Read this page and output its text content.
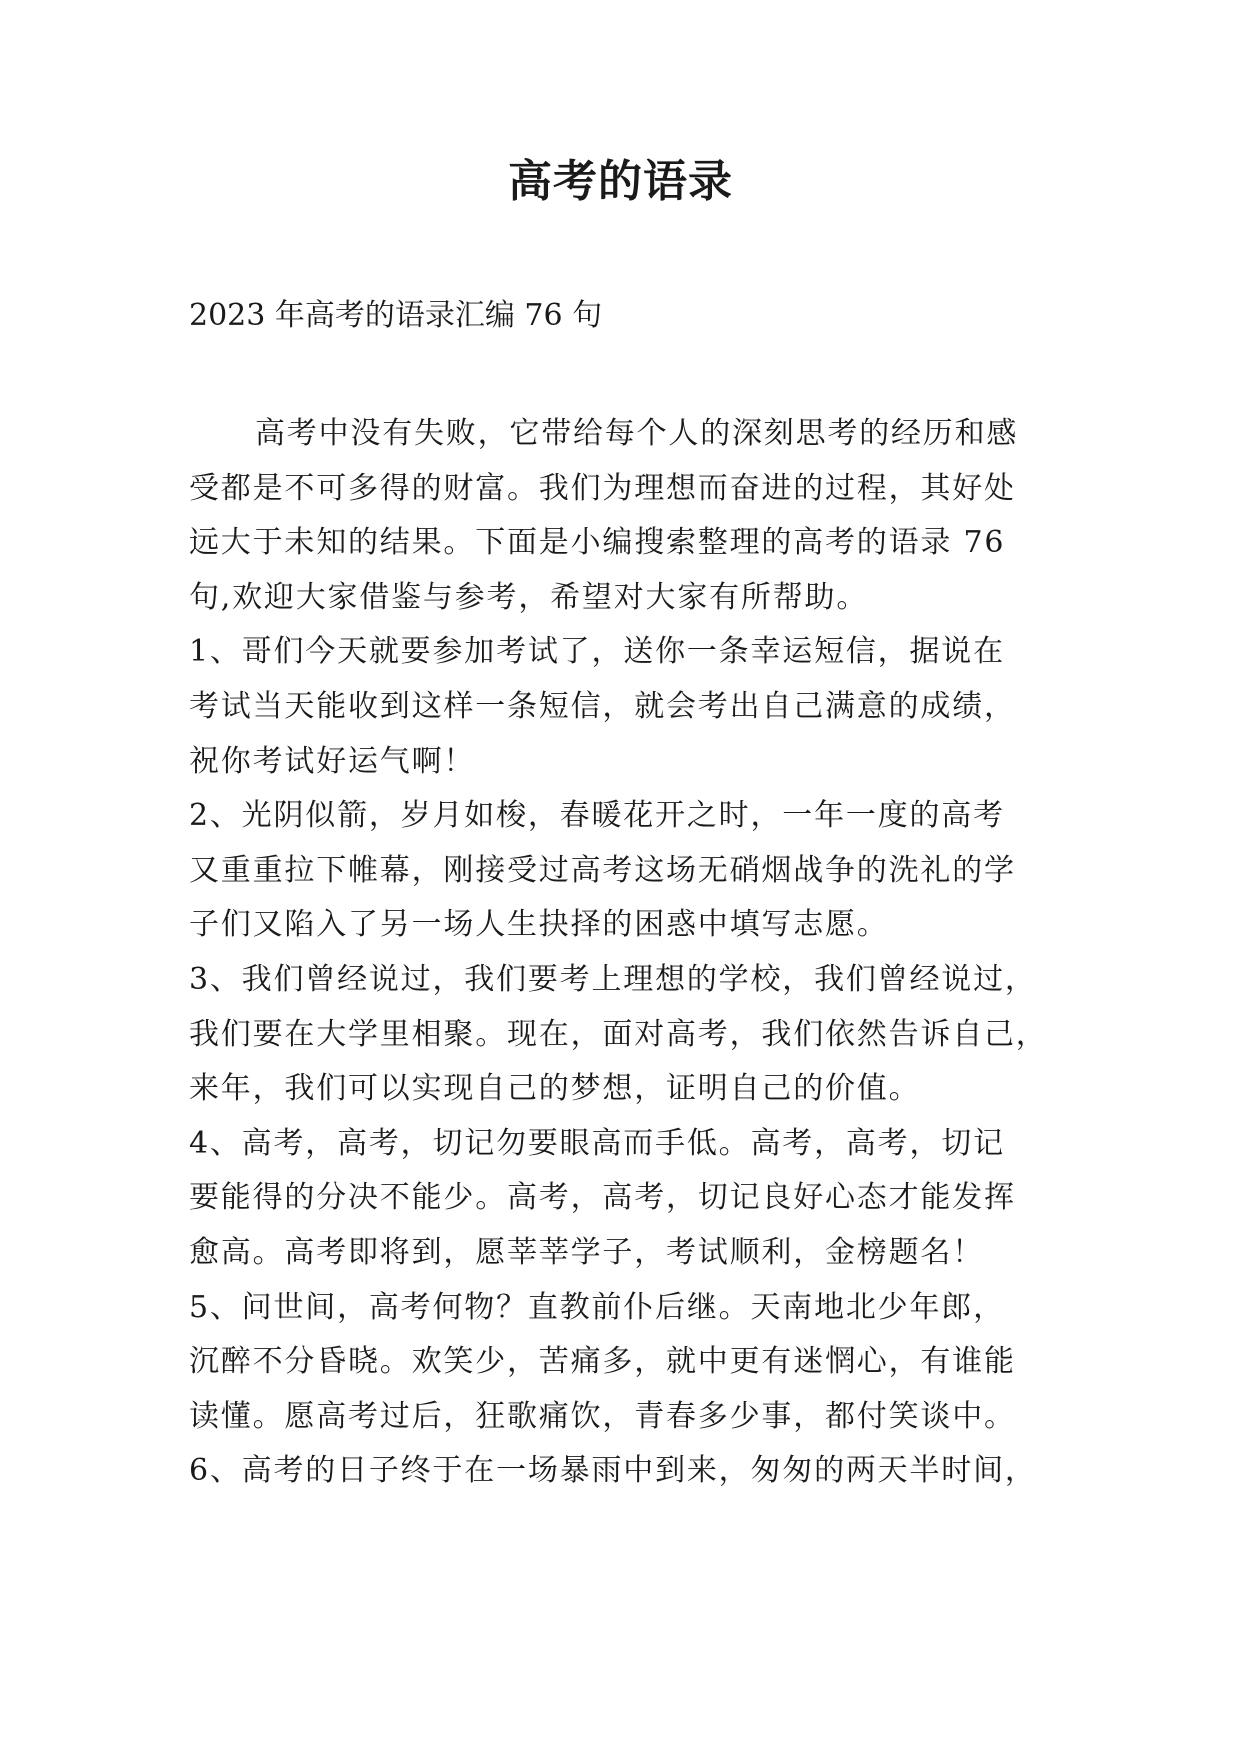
高考的语录

2023 年高考的语录汇编 76 句

高考中没有失败，它带给每个人的深刻思考的经历和感
受都是不可多得的财富。我们为理想而奋进的过程，其好处
远大于未知的结果。下面是小编搜索整理的高考的语录 76
句,欢迎大家借鉴与参考，希望对大家有所帮助。
1、哥们今天就要参加考试了，送你一条幸运短信，据说在
考试当天能收到这样一条短信，就会考出自己满意的成绩，
祝你考试好运气啊！
2、光阴似箭，岁月如梭，春暖花开之时，一年一度的高考
又重重拉下帷幕，刚接受过高考这场无硝烟战争的洗礼的学
子们又陷入了另一场人生抉择的困惑中填写志愿。
3、我们曾经说过，我们要考上理想的学校，我们曾经说过，
我们要在大学里相聚。现在，面对高考，我们依然告诉自己，
来年，我们可以实现自己的梦想，证明自己的价值。
4、高考，高考，切记勿要眼高而手低。高考，高考，切记
要能得的分决不能少。高考，高考，切记良好心态才能发挥
愈高。高考即将到，愿莘莘学子，考试顺利，金榜题名！
5、问世间，高考何物？直教前仆后继。天南地北少年郎，
沉醉不分昏晓。欢笑少，苦痛多，就中更有迷惘心，有谁能
读懂。愿高考过后，狂歌痛饮，青春多少事，都付笑谈中。
6、高考的日子终于在一场暴雨中到来，匆匆的两天半时间，
